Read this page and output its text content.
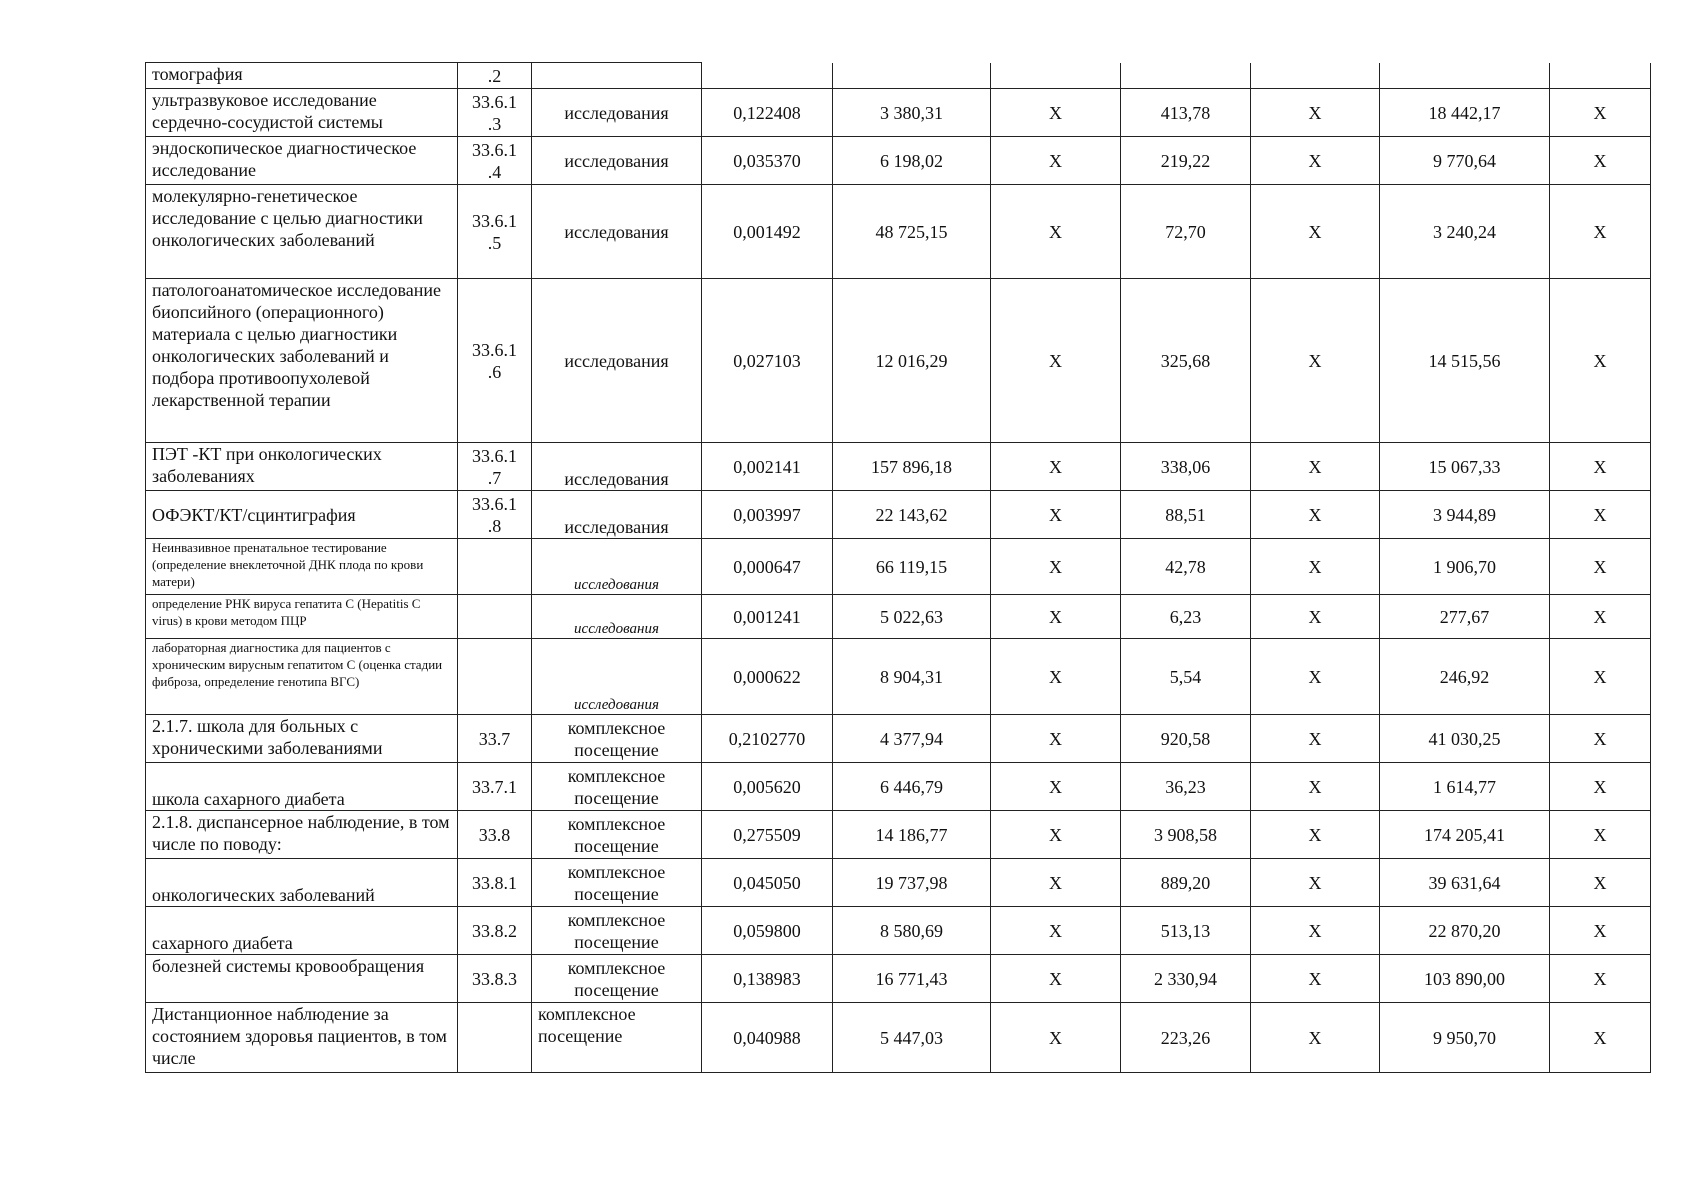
томография	.2								
ультразвуковое исследование сердечно-сосудистой системы	33.6.1 .3	исследования	0,122408	3 380,31	X	413,78	X	18 442,17	X
эндоскопическое диагностическое исследование	33.6.1 .4	исследования	0,035370	6 198,02	X	219,22	X	9 770,64	X
молекулярно-генетическое исследование с целью диагностики онкологических заболеваний	33.6.1 .5	исследования	0,001492	48 725,15	X	72,70	X	3 240,24	X
патологоанатомическое исследование биопсийного (операционного) материала с целью диагностики онкологических заболеваний и подбора противоопухолевой лекарственной терапии	33.6.1 .6	исследования	0,027103	12 016,29	X	325,68	X	14 515,56	X
ПЭТ -КТ при онкологических заболеваниях	33.6.1 .7	исследования	0,002141	157 896,18	X	338,06	X	15 067,33	X
ОФЭКТ/КТ/сцинтиграфия	33.6.1 .8	исследования	0,003997	22 143,62	X	88,51	X	3 944,89	X
Неинвазивное пренатальное тестирование (определение внеклеточной ДНК плода по крови матери)		исследования	0,000647	66 119,15	X	42,78	X	1 906,70	X
определение РНК вируса гепатита С (Hepatitis C virus) в крови методом ПЦР		исследования	0,001241	5 022,63	X	6,23	X	277,67	X
лабораторная диагностика для пациентов с хроническим вирусным гепатитом С (оценка стадии фиброза, определение генотипа ВГС)		исследования	0,000622	8 904,31	X	5,54	X	246,92	X
2.1.7. школа для больных с хроническими заболеваниями	33.7	комплексное посещение	0,2102770	4 377,94	X	920,58	X	41 030,25	X
школа сахарного диабета	33.7.1	комплексное посещение	0,005620	6 446,79	X	36,23	X	1 614,77	X
2.1.8. диспансерное наблюдение, в том числе по поводу:	33.8	комплексное посещение	0,275509	14 186,77	X	3 908,58	X	174 205,41	X
онкологических заболеваний	33.8.1	комплексное посещение	0,045050	19 737,98	X	889,20	X	39 631,64	X
сахарного диабета	33.8.2	комплексное посещение	0,059800	8 580,69	X	513,13	X	22 870,20	X
болезней системы кровообращения	33.8.3	комплексное посещение	0,138983	16 771,43	X	2 330,94	X	103 890,00	X
Дистанционное наблюдение за состоянием здоровья пациентов, в том числе		комплексное посещение	0,040988	5 447,03	X	223,26	X	9 950,70	X
